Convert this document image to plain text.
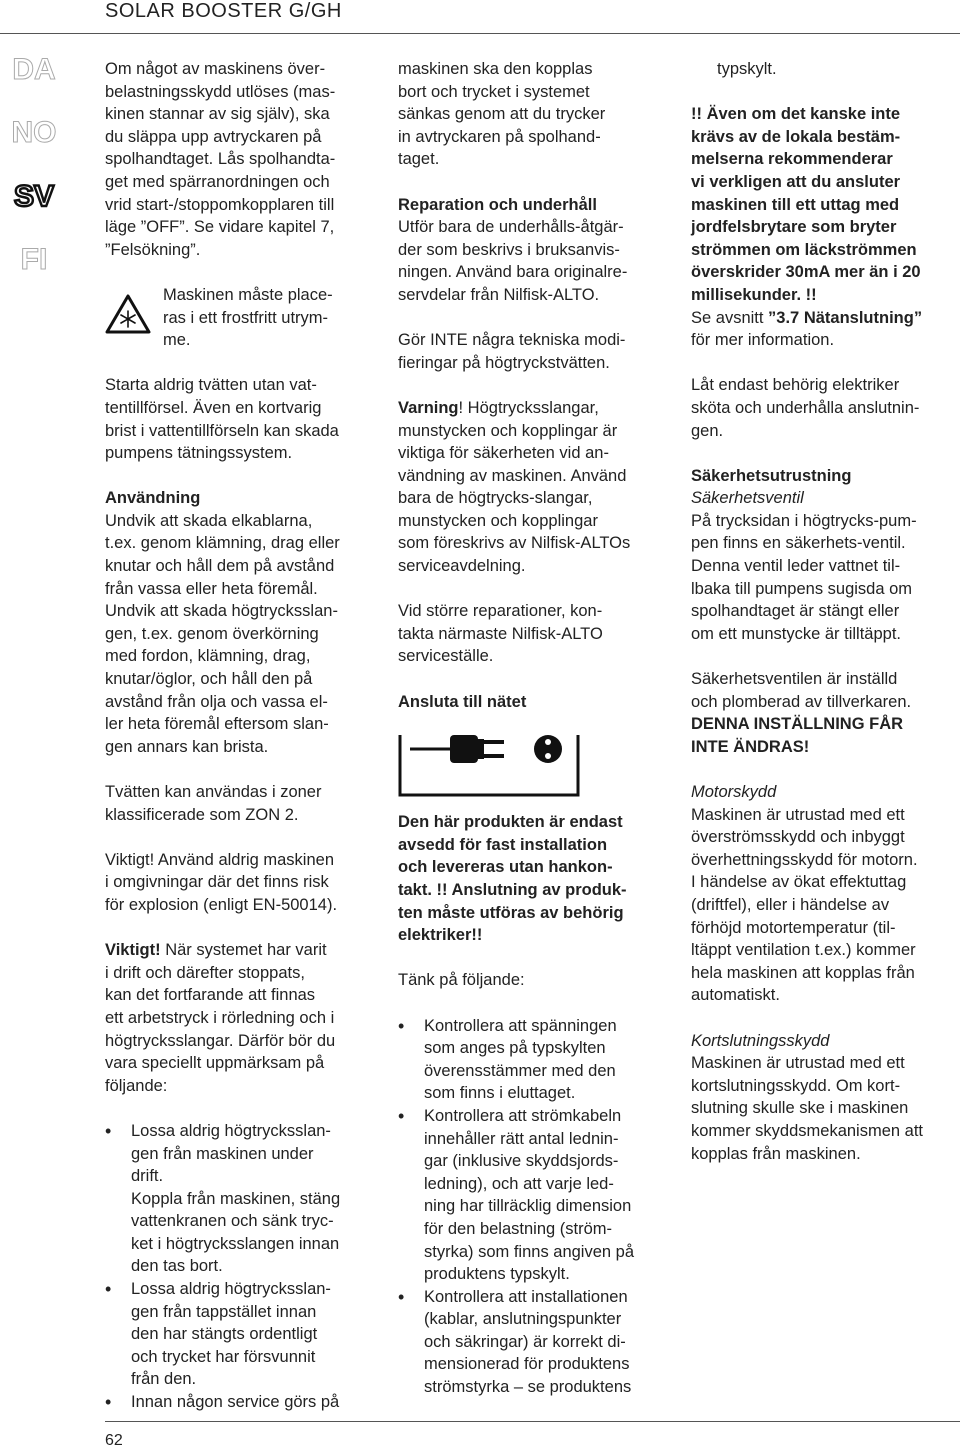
SOLAR BOOSTER G/GH
DA
NO
SV
FI

Om något av maskinens över-

belastningsskydd utlöses (mas-

kinen stannar av sig själv), ska

du släppa upp avtryckaren på

spolhandtaget. Lås spolhandta-

get med spärranordningen och

vrid start-/stoppomkopplaren till

läge ”OFF”. Se vidare kapitel 7,

”Felsökning”.

Maskinen måste place-

ras i ett frostfritt utrym-

me.

Starta aldrig tvätten utan vat-

tentillförsel. Även en kortvarig

brist i vattentillförseln kan skada

pumpens tätningssystem.

Användning

Undvik att skada elkablarna,

t.ex. genom klämning, drag eller

knutar och håll dem på avstånd

från vassa eller heta föremål.

Undvik att skada högtrycksslan-

gen, t.ex. genom överkörning

med fordon, klämning, drag,

knutar/öglor, och håll den på

avstånd från olja och vassa el-

ler heta föremål eftersom slan-

gen annars kan brista.

Tvätten kan användas i zoner

klassificerade som ZON 2.

Viktigt! Använd aldrig maskinen

i omgivningar där det finns risk

för explosion (enligt EN-50014).

Viktigt! När systemet har varit

i drift och därefter stoppats,

kan det fortfarande att finnas

ett arbetstryck i rörledning och i

högtrycksslangar. Därför bör du

vara speciellt uppmärksam på

följande:

• Lossa aldrig högtrycksslan-

gen från maskinen under

drift.

Koppla från maskinen, stäng

vattenkranen och sänk tryc-

ket i högtrycksslangen innan

den tas bort.

• Lossa aldrig högtrycksslan-

gen från tappstället innan

den har stängts ordentligt

och trycket har försvunnit

från den.

• Innan någon service görs på

maskinen ska den kopplas

bort och trycket i systemet

sänkas genom att du trycker

in avtryckaren på spolhand-

taget.

Reparation och underhåll

Utför bara de underhålls-åtgär-

der som beskrivs i bruksanvis-

ningen. Använd bara originalre-

servdelar från Nilfisk-ALTO.

Gör INTE några tekniska modi-

fieringar på högtryckstvätten.

Varning! Högtrycksslangar,

munstycken och kopplingar är

viktiga för säkerheten vid an-

vändning av maskinen. Använd

bara de högtrycks-slangar,

munstycken och kopplingar

som föreskrivs av Nilfisk-ALTOs

serviceavdelning.

Vid större reparationer, kon-

takta närmaste Nilfisk-ALTO

serviceställe.

Ansluta till nätet

Den här produkten är endast

avsedd för fast installation

och levereras utan hankon-

takt. !! Anslutning av produk-

ten måste utföras av behörig

elektriker!!

Tänk på följande:

• Kontrollera att spänningen

som anges på typskylten

överensstämmer med den

som finns i eluttaget.

• Kontrollera att strömkabeln

innehåller rätt antal lednin-

gar (inklusive skyddsjords-

ledning), och att varje led-

ning har tillräcklig dimension

för den belastning (ström-

styrka) som finns angiven på

produktens typskylt.

• Kontrollera att installationen

(kablar, anslutningspunkter

och säkringar) är korrekt di-

mensionerad för produktens

strömstyrka – se produktens

typskylt.

!! Även om det kanske inte

krävs av de lokala bestäm-

melserna rekommenderar

vi verkligen att du ansluter

maskinen till ett uttag med

jordfelsbrytare som bryter

strömmen om läckströmmen

överskrider 30mA mer än i 20

millisekunder. !!

Se avsnitt ”3.7 Nätanslutning”

för mer information.

Låt endast behörig elektriker

sköta och underhålla anslutnin-

gen.

Säkerhetsutrustning

Säkerhetsventil

På trycksidan i högtrycks-pum-

pen finns en säkerhets-ventil.

Denna ventil leder vattnet til-

lbaka till pumpens sugisda om

spolhandtaget är stängt eller

om ett munstycke är tilltäppt.

Säkerhetsventilen är inställd

och plomberad av tillverkaren.

DENNA INSTÄLLNING FÅR

INTE ÄNDRAS!

Motorskydd

Maskinen är utrustad med ett

överströmsskydd och inbyggt

överhettningsskydd för motorn.

I händelse av ökat effektuttag

(driftfel), eller i händelse av

förhöjd motortemperatur (til-

ltäppt ventilation t.ex.) kommer

hela maskinen att kopplas från

automatiskt.

Kortslutningsskydd

Maskinen är utrustad med ett

kortslutningsskydd. Om kort-

slutning skulle ske i maskinen

kommer skyddsmekanismen att

kopplas från maskinen.

62
